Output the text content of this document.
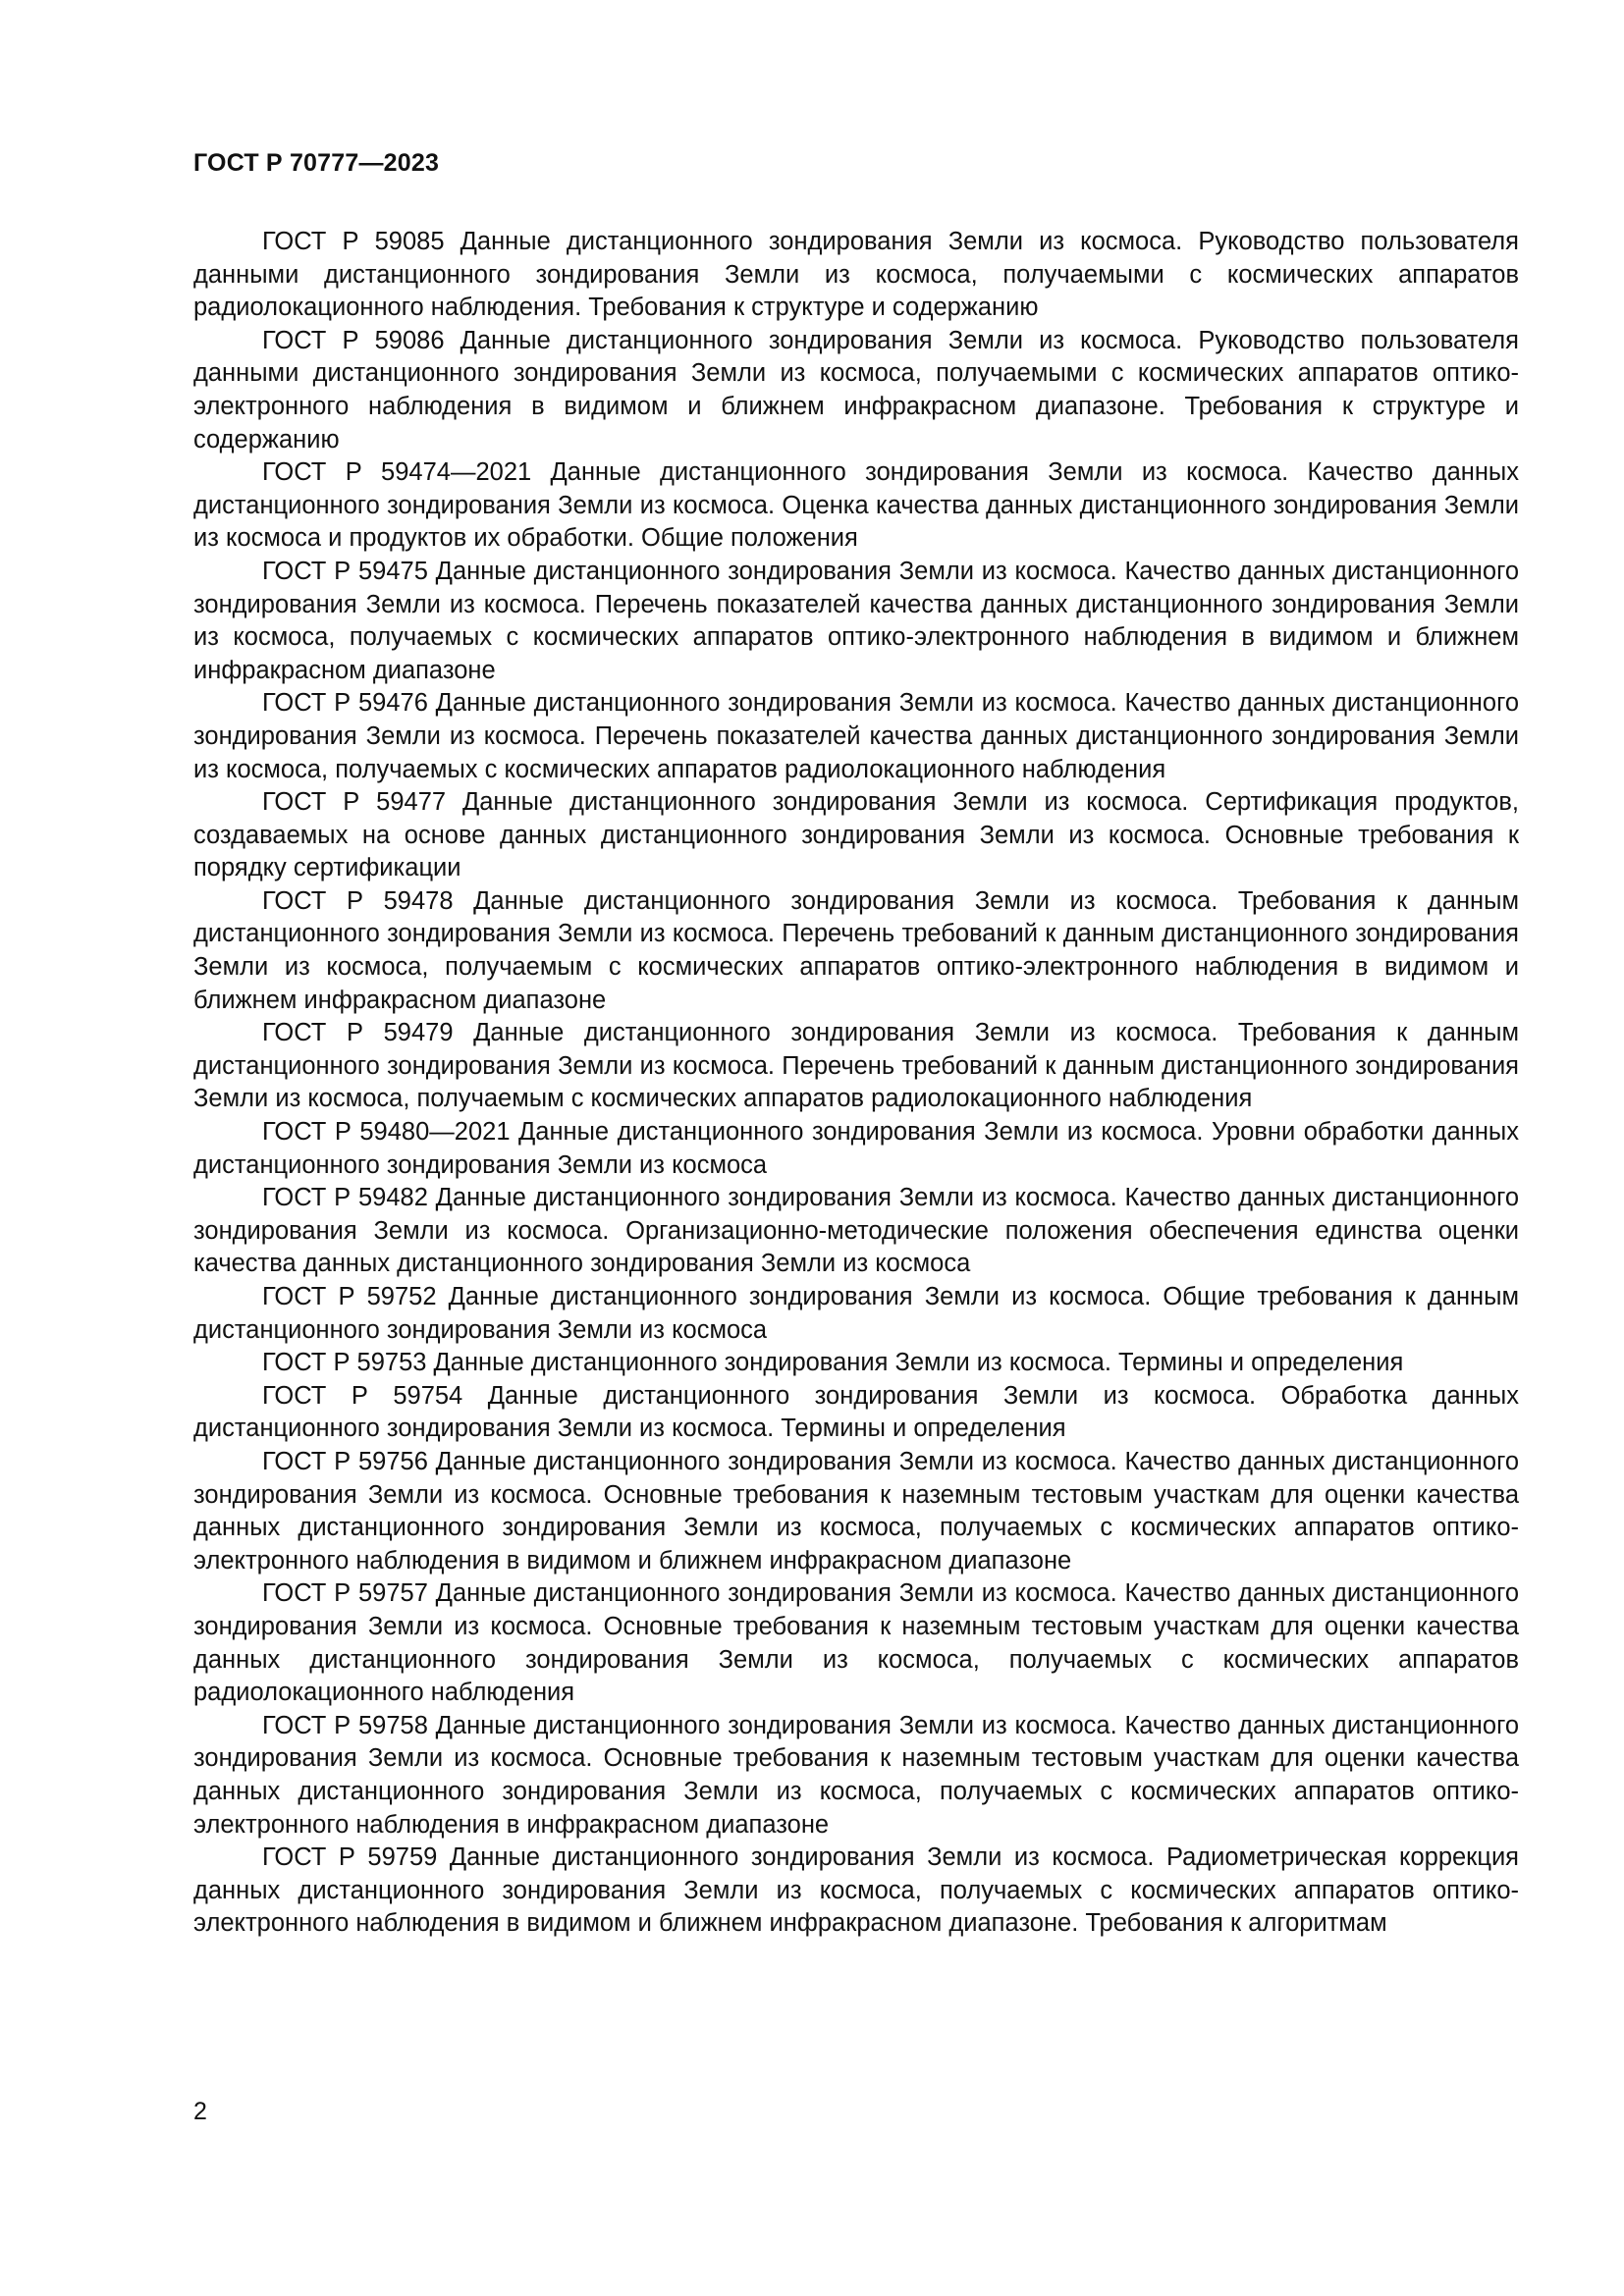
ГОСТ Р 70777—2023

ГОСТ Р 59085 Данные дистанционного зондирования Земли из космоса. Руководство пользователя данными дистанционного зондирования Земли из космоса, получаемыми с космических аппаратов радиолокационного наблюдения. Требования к структуре и содержанию

ГОСТ Р 59086 Данные дистанционного зондирования Земли из космоса. Руководство пользователя данными дистанционного зондирования Земли из космоса, получаемыми с космических аппаратов оптико-электронного наблюдения в видимом и ближнем инфракрасном диапазоне. Требования к структуре и содержанию

ГОСТ Р 59474—2021 Данные дистанционного зондирования Земли из космоса. Качество данных дистанционного зондирования Земли из космоса. Оценка качества данных дистанционного зондирования Земли из космоса и продуктов их обработки. Общие положения

ГОСТ Р 59475 Данные дистанционного зондирования Земли из космоса. Качество данных дистанционного зондирования Земли из космоса. Перечень показателей качества данных дистанционного зондирования Земли из космоса, получаемых с космических аппаратов оптико-электронного наблюдения в видимом и ближнем инфракрасном диапазоне

ГОСТ Р 59476 Данные дистанционного зондирования Земли из космоса. Качество данных дистанционного зондирования Земли из космоса. Перечень показателей качества данных дистанционного зондирования Земли из космоса, получаемых с космических аппаратов радиолокационного наблюдения

ГОСТ Р 59477 Данные дистанционного зондирования Земли из космоса. Сертификация продуктов, создаваемых на основе данных дистанционного зондирования Земли из космоса. Основные требования к порядку сертификации

ГОСТ Р 59478 Данные дистанционного зондирования Земли из космоса. Требования к данным дистанционного зондирования Земли из космоса. Перечень требований к данным дистанционного зондирования Земли из космоса, получаемым с космических аппаратов оптико-электронного наблюдения в видимом и ближнем инфракрасном диапазоне

ГОСТ Р 59479 Данные дистанционного зондирования Земли из космоса. Требования к данным дистанционного зондирования Земли из космоса. Перечень требований к данным дистанционного зондирования Земли из космоса, получаемым с космических аппаратов радиолокационного наблюдения

ГОСТ Р 59480—2021 Данные дистанционного зондирования Земли из космоса. Уровни обработки данных дистанционного зондирования Земли из космоса

ГОСТ Р 59482 Данные дистанционного зондирования Земли из космоса. Качество данных дистанционного зондирования Земли из космоса. Организационно-методические положения обеспечения единства оценки качества данных дистанционного зондирования Земли из космоса

ГОСТ Р 59752 Данные дистанционного зондирования Земли из космоса. Общие требования к данным дистанционного зондирования Земли из космоса

ГОСТ Р 59753 Данные дистанционного зондирования Земли из космоса. Термины и определения

ГОСТ Р 59754 Данные дистанционного зондирования Земли из космоса. Обработка данных дистанционного зондирования Земли из космоса. Термины и определения

ГОСТ Р 59756 Данные дистанционного зондирования Земли из космоса. Качество данных дистанционного зондирования Земли из космоса. Основные требования к наземным тестовым участкам для оценки качества данных дистанционного зондирования Земли из космоса, получаемых с космических аппаратов оптико-электронного наблюдения в видимом и ближнем инфракрасном диапазоне

ГОСТ Р 59757 Данные дистанционного зондирования Земли из космоса. Качество данных дистанционного зондирования Земли из космоса. Основные требования к наземным тестовым участкам для оценки качества данных дистанционного зондирования Земли из космоса, получаемых с космических аппаратов радиолокационного наблюдения

ГОСТ Р 59758 Данные дистанционного зондирования Земли из космоса. Качество данных дистанционного зондирования Земли из космоса. Основные требования к наземным тестовым участкам для оценки качества данных дистанционного зондирования Земли из космоса, получаемых с космических аппаратов оптико-электронного наблюдения в инфракрасном диапазоне

ГОСТ Р 59759 Данные дистанционного зондирования Земли из космоса. Радиометрическая коррекция данных дистанционного зондирования Земли из космоса, получаемых с космических аппаратов оптико-электронного наблюдения в видимом и ближнем инфракрасном диапазоне. Требования к алгоритмам

2
